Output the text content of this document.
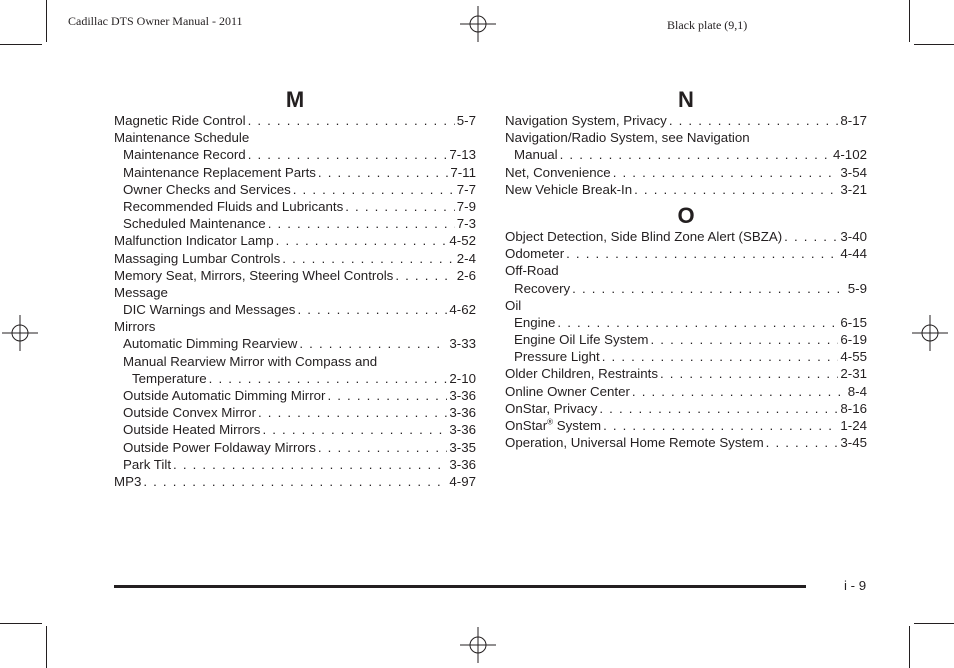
Cadillac DTS Owner Manual - 2011	Black plate (9,1)
M
Magnetic Ride Control . . .	5-7
Maintenance Schedule
Maintenance Record . . .	7-13
Maintenance Replacement Parts . . .	7-11
Owner Checks and Services . . .	7-7
Recommended Fluids and Lubricants . . .	7-9
Scheduled Maintenance . . .	7-3
Malfunction Indicator Lamp . . .	4-52
Massaging Lumbar Controls . . .	2-4
Memory Seat, Mirrors, Steering Wheel Controls . . .	2-6
Message
DIC Warnings and Messages . . .	4-62
Mirrors
Automatic Dimming Rearview . . .	3-33
Manual Rearview Mirror with Compass and
Temperature . . .	2-10
Outside Automatic Dimming Mirror . . .	3-36
Outside Convex Mirror . . .	3-36
Outside Heated Mirrors . . .	3-36
Outside Power Foldaway Mirrors . . .	3-35
Park Tilt . . .	3-36
MP3 . . .	4-97
N
Navigation System, Privacy . . .	8-17
Navigation/Radio System, see Navigation
Manual . . .	4-102
Net, Convenience . . .	3-54
New Vehicle Break-In . . .	3-21
O
Object Detection, Side Blind Zone Alert (SBZA) . . .	3-40
Odometer . . .	4-44
Off-Road
Recovery . . .	5-9
Oil
Engine . . .	6-15
Engine Oil Life System . . .	6-19
Pressure Light . . .	4-55
Older Children, Restraints . . .	2-31
Online Owner Center . . .	8-4
OnStar, Privacy . . .	8-16
OnStar® System . . .	1-24
Operation, Universal Home Remote System . . .	3-45
i - 9
